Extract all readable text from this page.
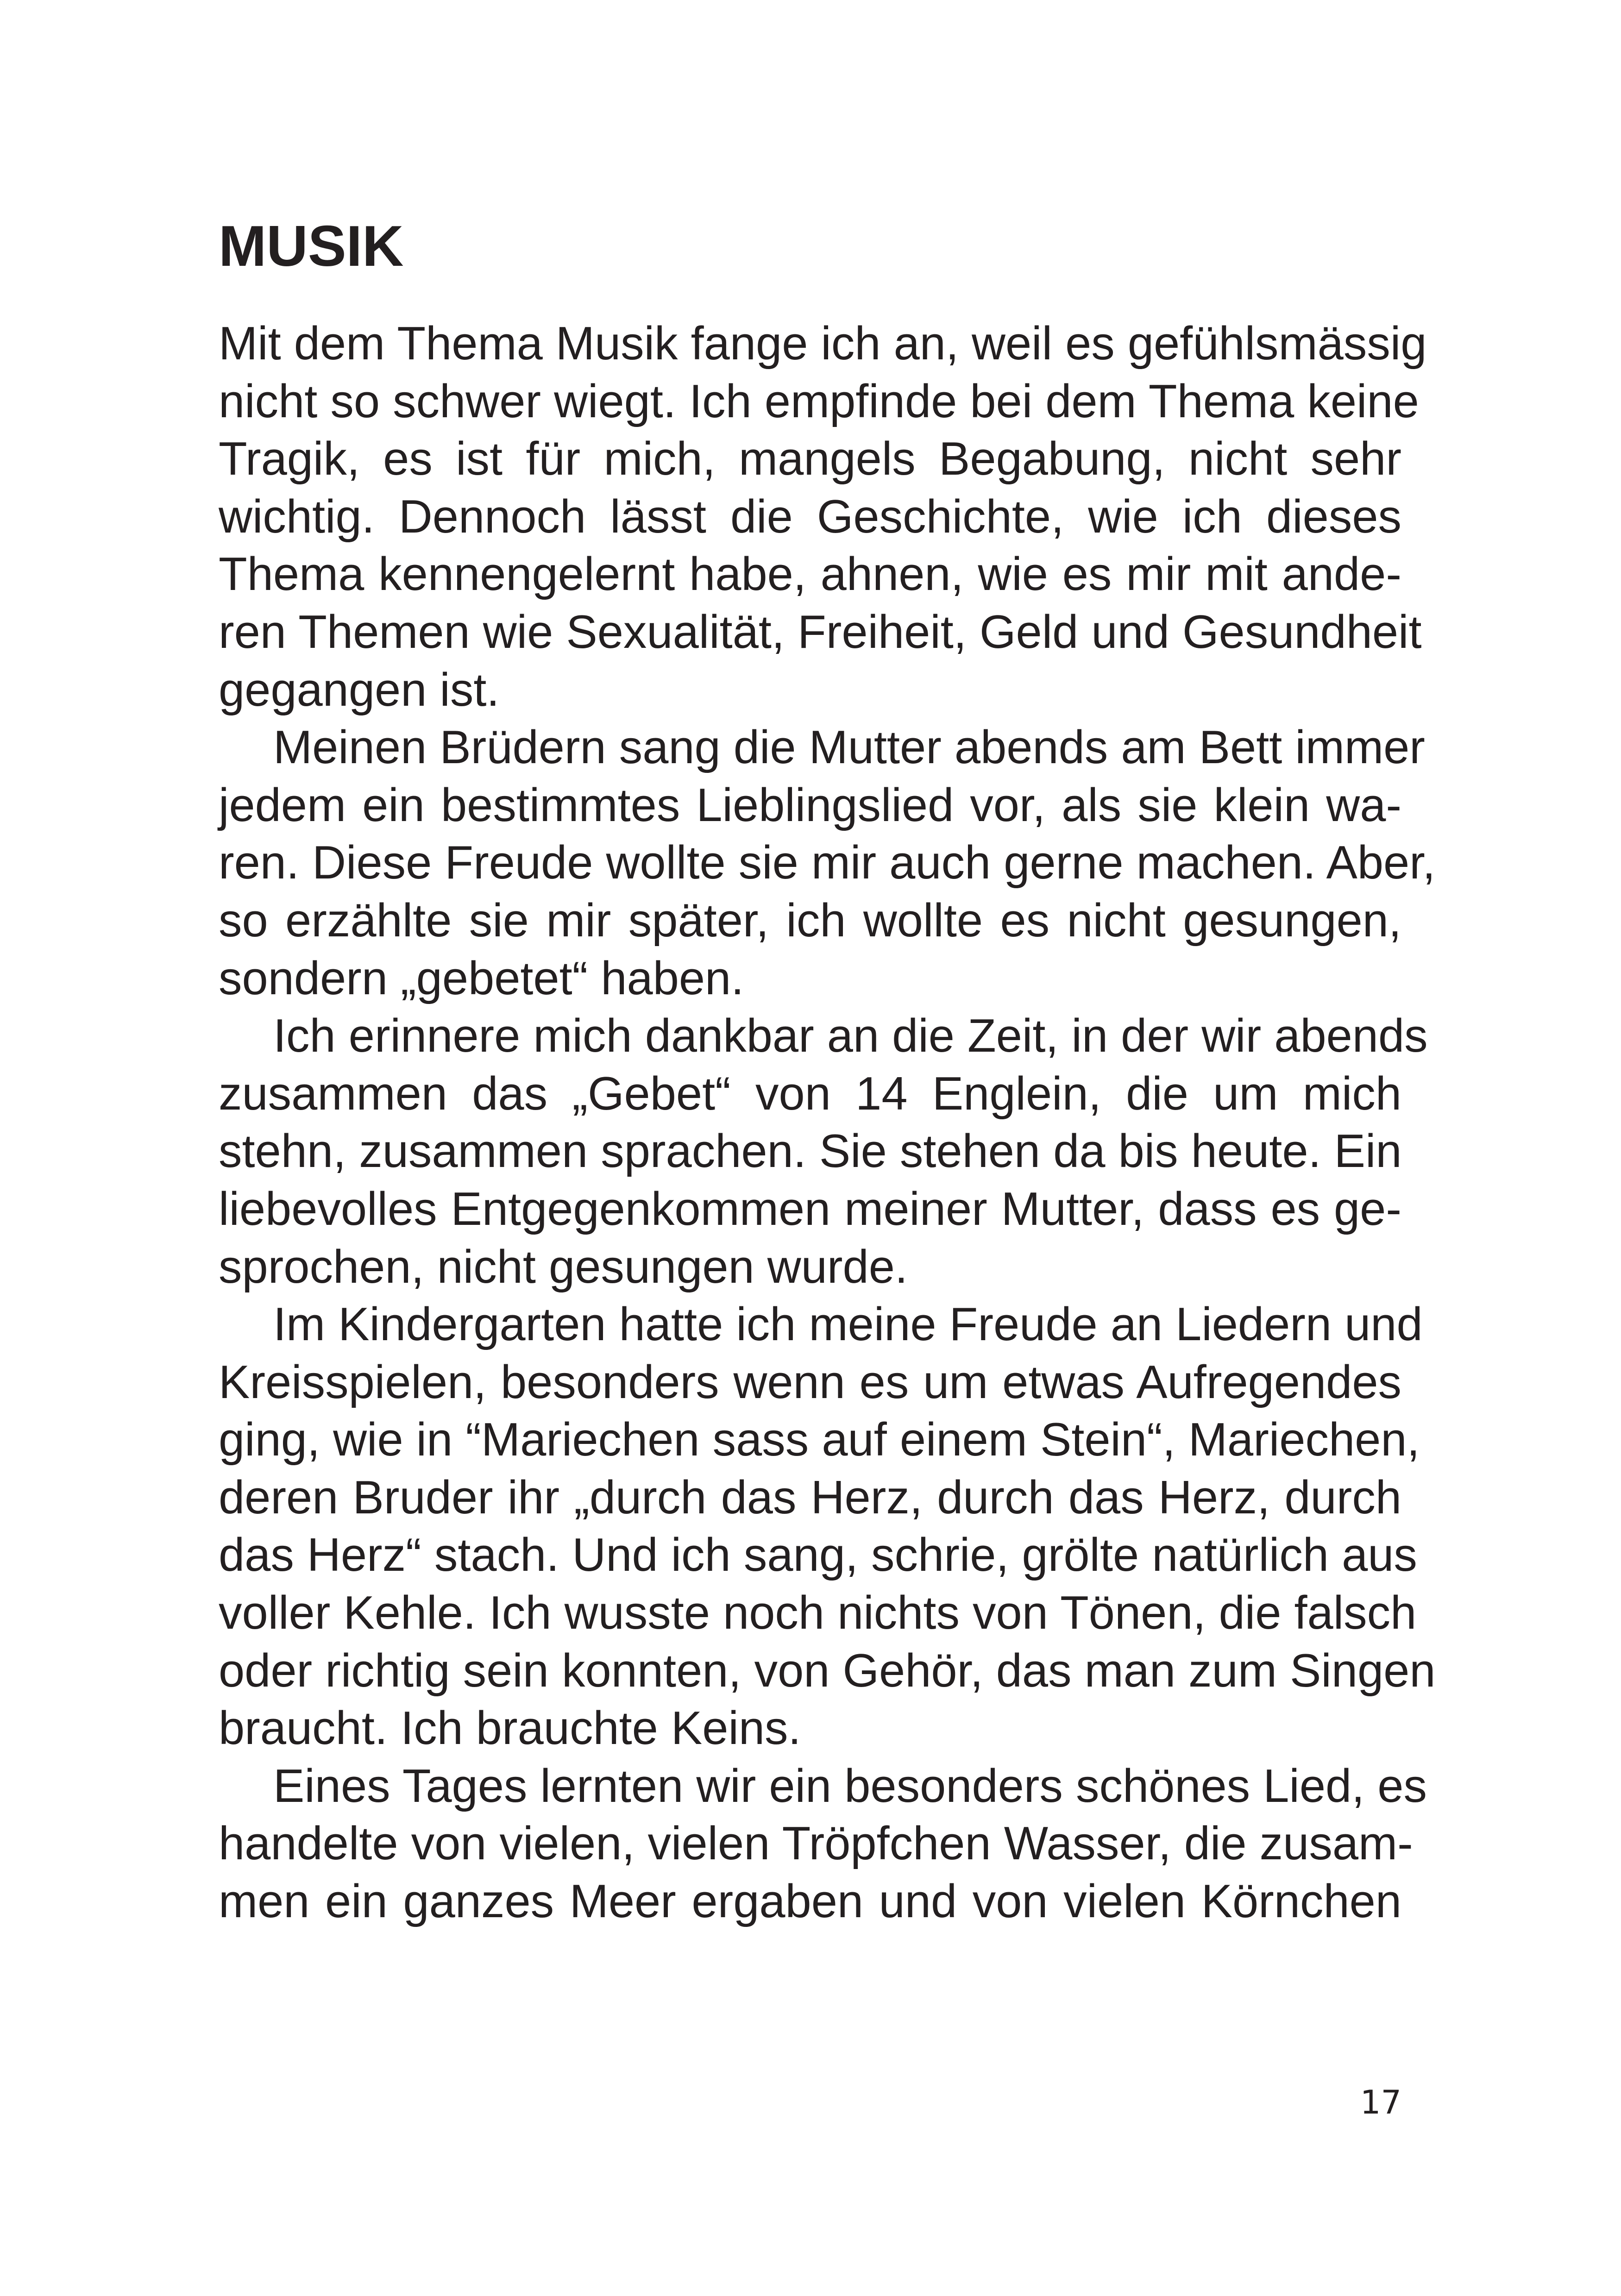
MUSIK
Mit dem Thema Musik fange ich an, weil es gefühlsmässig
nicht so schwer wiegt. Ich empfinde bei dem Thema keine
Tragik, es ist für mich, mangels Begabung, nicht sehr
wichtig. Dennoch lässt die Geschichte, wie ich dieses
Thema kennengelernt habe, ahnen, wie es mir mit ande-
ren Themen wie Sexualität, Freiheit, Geld und Gesundheit
gegangen ist.
Meinen Brüdern sang die Mutter abends am Bett immer
jedem ein bestimmtes Lieblingslied vor, als sie klein wa-
ren. Diese Freude wollte sie mir auch gerne machen. Aber,
so erzählte sie mir später, ich wollte es nicht gesungen,
sondern „gebetet“ haben.
Ich erinnere mich dankbar an die Zeit, in der wir abends
zusammen das „Gebet“ von 14 Englein, die um mich
stehn, zusammen sprachen. Sie stehen da bis heute. Ein
liebevolles Entgegenkommen meiner Mutter, dass es ge-
sprochen, nicht gesungen wurde.
Im Kindergarten hatte ich meine Freude an Liedern und
Kreisspielen, besonders wenn es um etwas Aufregendes
ging, wie in “Mariechen sass auf einem Stein“, Mariechen,
deren Bruder ihr „durch das Herz, durch das Herz, durch
das Herz“ stach. Und ich sang, schrie, grölte natürlich aus
voller Kehle. Ich wusste noch nichts von Tönen, die falsch
oder richtig sein konnten, von Gehör, das man zum Singen
braucht. Ich brauchte Keins.
Eines Tages lernten wir ein besonders schönes Lied, es
handelte von vielen, vielen Tröpfchen Wasser, die zusam-
men ein ganzes Meer ergaben und von vielen Körnchen
17
